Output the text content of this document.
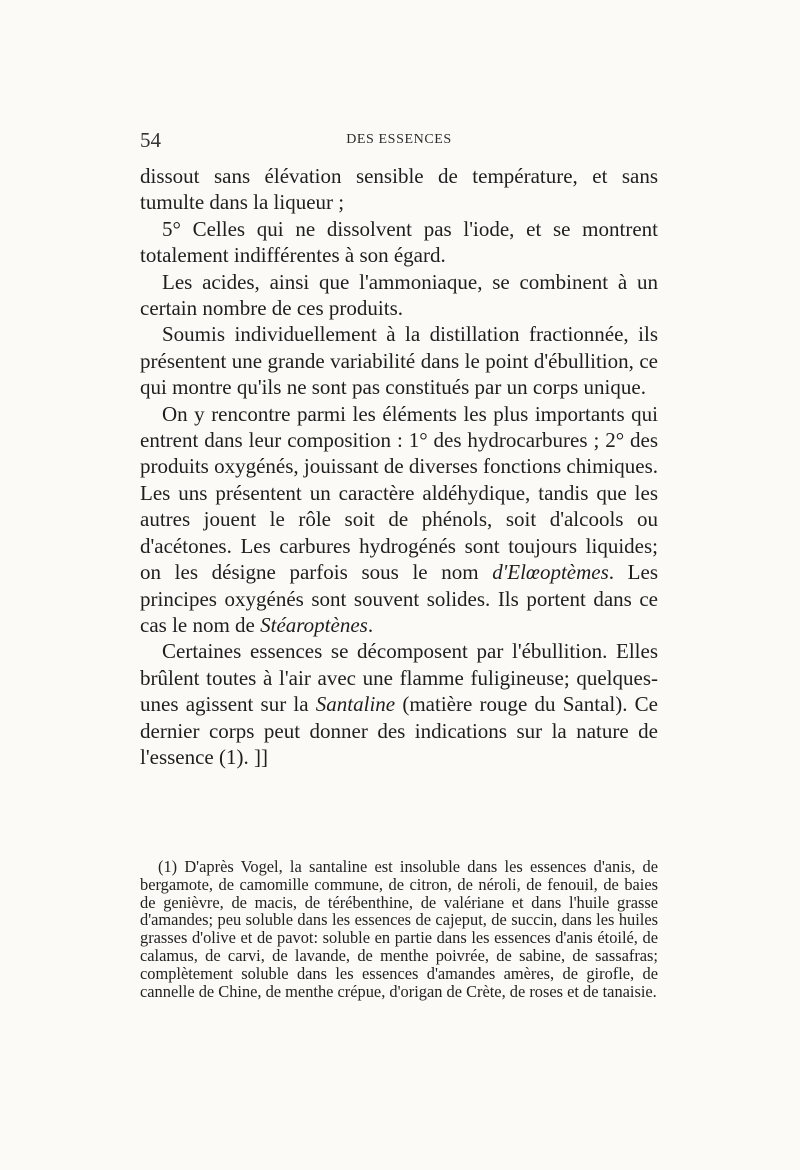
54	DES ESSENCES

dissout sans élévation sensible de température, et sans tumulte dans la liqueur ;

5° Celles qui ne dissolvent pas l'iode, et se montrent totalement indifférentes à son égard.

Les acides, ainsi que l'ammoniaque, se combinent à un certain nombre de ces produits.

Soumis individuellement à la distillation fractionnée, ils présentent une grande variabilité dans le point d'ébullition, ce qui montre qu'ils ne sont pas constitués par un corps unique.

On y rencontre parmi les éléments les plus importants qui entrent dans leur composition : 1° des hydrocarbures ; 2° des produits oxygénés, jouissant de diverses fonctions chimiques. Les uns présentent un caractère aldéhydique, tandis que les autres jouent le rôle soit de phénols, soit d'alcools ou d'acétones. Les carbures hydrogénés sont toujours liquides; on les désigne parfois sous le nom d'Elœoptèmes. Les principes oxygénés sont souvent solides. Ils portent dans ce cas le nom de Stéaroptènes.

Certaines essences se décomposent par l'ébullition. Elles brûlent toutes à l'air avec une flamme fuligineuse; quelques-unes agissent sur la Santaline (matière rouge du Santal). Ce dernier corps peut donner des indications sur la nature de l'essence (1). ]]

(1) D'après Vogel, la santaline est insoluble dans les essences d'anis, de bergamote, de camomille commune, de citron, de néroli, de fenouil, de baies de genièvre, de macis, de térébenthine, de valériane et dans l'huile grasse d'amandes; peu soluble dans les essences de cajeput, de succin, dans les huiles grasses d'olive et de pavot: soluble en partie dans les essences d'anis étoilé, de calamus, de carvi, de lavande, de menthe poivrée, de sabine, de sassafras; complètement soluble dans les essences d'amandes amères, de girofle, de cannelle de Chine, de menthe crépue, d'origan de Crète, de roses et de tanaisie.
